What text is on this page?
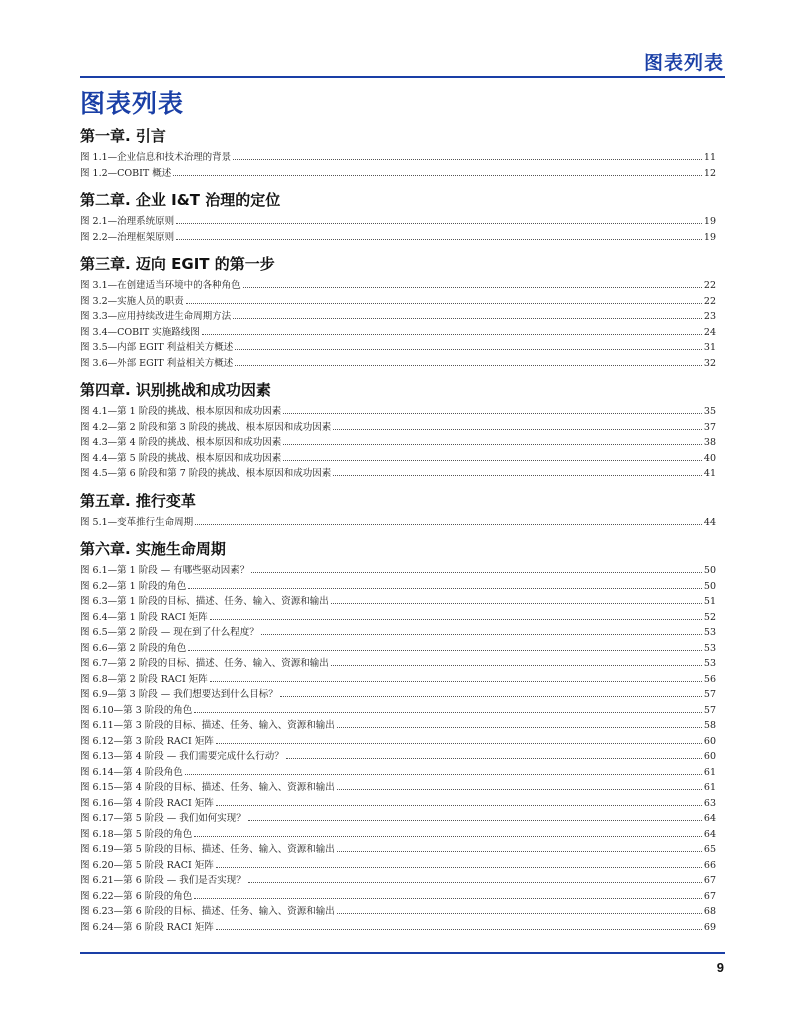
图表列表
图表列表
第一章. 引言
图 1.1—企业信息和技术治理的背景	11
图 1.2—COBIT 概述	12
第二章. 企业 I&T 治理的定位
图 2.1—治理系统原则	19
图 2.2—治理框架原则	19
第三章. 迈向 EGIT 的第一步
图 3.1—在创建适当环境中的各种角色	22
图 3.2—实施人员的职责	22
图 3.3—应用持续改进生命周期方法	23
图 3.4—COBIT 实施路线图	24
图 3.5—内部 EGIT 利益相关方概述	31
图 3.6—外部 EGIT 利益相关方概述	32
第四章. 识别挑战和成功因素
图 4.1—第 1 阶段的挑战、根本原因和成功因素	35
图 4.2—第 2 阶段和第 3 阶段的挑战、根本原因和成功因素	37
图 4.3—第 4 阶段的挑战、根本原因和成功因素	38
图 4.4—第 5 阶段的挑战、根本原因和成功因素	40
图 4.5—第 6 阶段和第 7 阶段的挑战、根本原因和成功因素	41
第五章. 推行变革
图 5.1—变革推行生命周期	44
第六章. 实施生命周期
图 6.1—第 1 阶段 — 有哪些驱动因素？	50
图 6.2—第 1 阶段的角色	50
图 6.3—第 1 阶段的目标、描述、任务、输入、资源和输出	51
图 6.4—第 1 阶段 RACI 矩阵	52
图 6.5—第 2 阶段 — 现在到了什么程度？	53
图 6.6—第 2 阶段的角色	53
图 6.7—第 2 阶段的目标、描述、任务、输入、资源和输出	53
图 6.8—第 2 阶段 RACI 矩阵	56
图 6.9—第 3 阶段 — 我们想要达到什么目标？	57
图 6.10—第 3 阶段的角色	57
图 6.11—第 3 阶段的目标、描述、任务、输入、资源和输出	58
图 6.12—第 3 阶段 RACI 矩阵	60
图 6.13—第 4 阶段 — 我们需要完成什么行动？	60
图 6.14—第 4 阶段角色	61
图 6.15—第 4 阶段的目标、描述、任务、输入、资源和输出	61
图 6.16—第 4 阶段 RACI 矩阵	63
图 6.17—第 5 阶段 — 我们如何实现？	64
图 6.18—第 5 阶段的角色	64
图 6.19—第 5 阶段的目标、描述、任务、输入、资源和输出	65
图 6.20—第 5 阶段 RACI 矩阵	66
图 6.21—第 6 阶段 — 我们是否实现？	67
图 6.22—第 6 阶段的角色	67
图 6.23—第 6 阶段的目标、描述、任务、输入、资源和输出	68
图 6.24—第 6 阶段 RACI 矩阵	69
9
